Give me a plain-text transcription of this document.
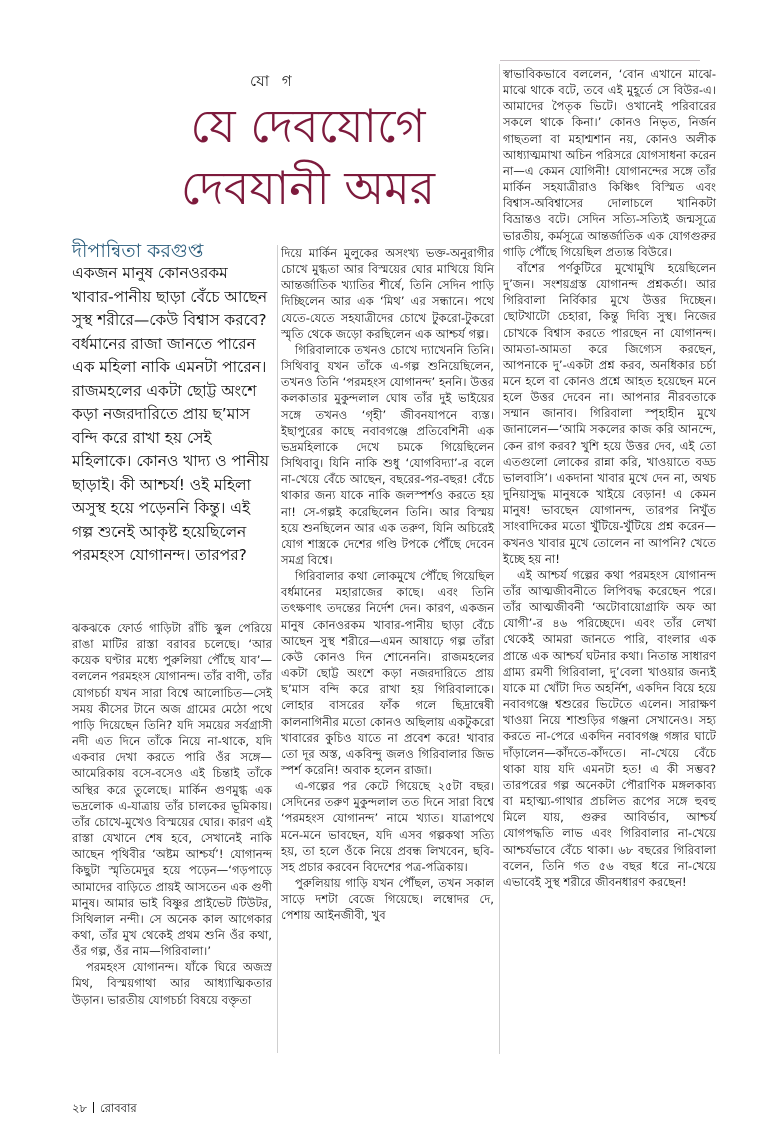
যো গ
যে দেবযোগে
দেবযানী অমর
দীপান্বিতা করগুপ্ত

একজন মানুষ কোনওরকম খাবার-পানীয় ছাড়া বেঁচে আছেন সুস্থ শরীরে—কেউ বিশ্বাস করবে? বর্ধমানের রাজা জানতে পারেন এক মহিলা নাকি এমনটা পারেন। রাজমহলের একটা ছোট্ট অংশে কড়া নজরদারিতে প্রায় ছ’মাস বন্দি করে রাখা হয় সেই মহিলাকে। কোনও খাদ্য ও পানীয় ছাড়াই। কী আশ্চর্য! ওই মহিলা অসুস্থ হয়ে পড়েননি কিন্তু। এই গল্প শুনেই আকৃষ্ট হয়েছিলেন পরমহংস যোগানন্দ। তারপর?

ঝকঝকে ফোর্ড গাড়িটা রাঁচি স্কুল পেরিয়ে রাঙা মাটির রাস্তা বরাবর চলেছে। ‘আর কয়েক ঘণ্টার মধ্যে পুরুলিয়া পৌঁছে যাব’—বললেন পরমহংস যোগানন্দ। তাঁর বাণী, তাঁর যোগচর্চা যখন সারা বিশ্বে আলোচিত—সেই সময় কীসের টানে অজ গ্রামের মেঠো পথে পাড়ি দিয়েছেন তিনি? যদি সময়ের সর্বগ্রাসী নদী এত দিনে তাঁকে নিয়ে না-থাকে, যদি একবার দেখা করতে পারি ওঁর সঙ্গে—আমেরিকায় বসে-বসেও এই চিন্তাই তাঁকে অস্থির করে তুলেছে। মার্কিন গুণমুগ্ধ এক ভদ্রলোক এ-যাত্রায় তাঁর চালকের ভূমিকায়। তাঁর চোখে-মুখেও বিস্ময়ের ঘোর। কারণ এই রাস্তা যেখানে শেষ হবে, সেখানেই নাকি আছেন পৃথিবীর ‘অষ্টম আশ্চর্য’! যোগানন্দ কিছুটা স্মৃতিমেদুর হয়ে পড়েন—‘গড়পাড়ে আমাদের বাড়িতে প্রায়ই আসতেন এক গুণী মানুষ। আমার ভাই বিষ্ণুর প্রাইভেট টিউটর, সিথিলাল নন্দী। সে অনেক কাল আগেকার কথা, তাঁর মুখ থেকেই প্রথম শুনি ওঁর কথা, ওঁর গল্প, ওঁর নাম—গিরিবালা।’

পরমহংস যোগানন্দ। যাঁকে ঘিরে অজস্র মিথ, বিস্ময়গাথা আর আধ্যাত্মিকতার উড়ান। ভারতীয় যোগচর্চা বিষয়ে বক্তৃতা

দিয়ে মার্কিন মুলুকের অসংখ্য ভক্ত-অনুরাগীর চোখে মুগ্ধতা আর বিস্ময়ের ঘোর মাখিয়ে যিনি আন্তর্জাতিক খ্যাতির শীর্ষে, তিনি সেদিন পাড়ি দিচ্ছিলেন আর এক ‘মিথ’ এর সন্ধানে। পথে যেতে-যেতে সহযাত্রীদের চোখে টুকরো-টুকরো স্মৃতি থেকে জড়ো করছিলেন এক আশ্চর্য গল্প।

গিরিবালাকে তখনও চোখে দ্যাখেননি তিনি। সিথিবাবু যখন তাঁকে এ-গল্প শুনিয়েছিলেন, তখনও তিনি ‘পরমহংস যোগানন্দ’ হননি। উত্তর কলকাতার মুকুন্দলাল ঘোষ তাঁর দুই ভাইয়ের সঙ্গে তখনও ‘গৃহী’ জীবনযাপনে ব্যস্ত। ইছাপুরের কাছে নবাবগঞ্জে প্রতিবেশিনী এক ভদ্রমহিলাকে দেখে চমকে গিয়েছিলেন সিথিবাবু। যিনি নাকি শুধু ‘যোগবিদ্যা’-র বলে না-খেয়ে বেঁচে আছেন, বছরের-পর-বছর! বেঁচে থাকার জন্য যাকে নাকি জলস্পর্শও করতে হয় না! সে-গল্পই করেছিলেন তিনি। আর বিস্ময় হয়ে শুনছিলেন আর এক তরুণ, যিনি অচিরেই যোগ শাস্ত্রকে দেশের গণ্ডি টপকে পৌঁছে দেবেন সমগ্র বিশ্বে।

গিরিবালার কথা লোকমুখে পৌঁছে গিয়েছিল বর্ধমানের মহারাজের কাছে। এবং তিনি তৎক্ষণাৎ তদন্তের নির্দেশ দেন। কারণ, একজন মানুষ কোনওরকম খাবার-পানীয় ছাড়া বেঁচে আছেন সুস্থ শরীরে—এমন আষাঢ়ে গল্প তাঁরা কেউ কোনও দিন শোনেননি। রাজমহলের একটা ছোট্ট অংশে কড়া নজরদারিতে প্রায় ছ’মাস বন্দি করে রাখা হয় গিরিবালাকে। লোহার বাসরের ফাঁক গলে ছিদ্রান্বেষী কালনাগিনীর মতো কোনও অছিলায় একটুকরো খাবারের কুচিও যাতে না প্রবেশ করে! খাবার তো দূর অস্ত, একবিন্দু জলও গিরিবালার জিভ স্পর্শ করেনি! অবাক হলেন রাজা।

এ-গল্পের পর কেটে গিয়েছে ২৫টা বছর। সেদিনের তরুণ মুকুন্দলাল তত দিনে সারা বিশ্বে ‘পরমহংস যোগানন্দ’ নামে খ্যাত। যাত্রাপথে মনে-মনে ভাবছেন, যদি এসব গল্পকথা সত্যি হয়, তা হলে ওঁকে নিয়ে প্রবন্ধ লিখবেন, ছবি-সহ প্রচার করবেন বিদেশের পত্র-পত্রিকায়।

পুরুলিয়ায় গাড়ি যখন পৌঁছল, তখন সকাল সাড়ে দশটা বেজে গিয়েছে। লম্বোদর দে, পেশায় আইনজীবী, খুব

স্বাভাবিকভাবে বললেন, ‘বোন এখানে মাঝে-মাঝে থাকে বটে, তবে এই মুহূর্তে সে বিউর-এ। আমাদের পৈতৃক ভিটে। ওখানেই পরিবারের সকলে থাকে কিনা।’ কোনও নিভৃত, নির্জন গাছতলা বা মহাশ্মশান নয়, কোনও অলীক আধ্যাত্মমাখা অচিন পরিসরে যোগসাধনা করেন না—এ কেমন যোগিনী! যোগানন্দের সঙ্গে তাঁর মার্কিন সহযাত্রীরাও কিঞ্চিৎ বিস্মিত এবং বিশ্বাস-অবিশ্বাসের দোলাচলে খানিকটা বিভ্রান্তও বটে। সেদিন সত্যি-সত্যিই জন্মসূত্রে ভারতীয়, কর্মসূত্রে আন্তর্জাতিক এক যোগগুরুর গাড়ি পৌঁছে গিয়েছিল প্রত্যন্ত বিউরে।

বাঁশের পর্ণকুটিরে মুখোমুখি হয়েছিলেন দু’জন। সংশয়গ্রস্ত যোগানন্দ প্রশ্নকর্তা। আর গিরিবালা নির্বিকার মুখে উত্তর দিচ্ছেন। ছোটখাটো চেহারা, কিন্তু দিব্যি সুস্থ। নিজের চোখকে বিশ্বাস করতে পারছেন না যোগানন্দ। আমতা-আমতা করে জিগ্যেস করছেন, আপনাকে দু’-একটা প্রশ্ন করব, অনধিকার চর্চা মনে হলে বা কোনও প্রশ্নে আহত হয়েছেন মনে হলে উত্তর দেবেন না। আপনার নীরবতাকে সম্মান জানাব। গিরিবালা স্পৃহাহীন মুখে জানালেন—‘আমি সকলের কাজ করি আনন্দে, কেন রাগ করব? খুশি হয়ে উত্তর দেব, এই তো এতগুলো লোকের রান্না করি, খাওয়াতে বড্ড ভালবাসি’। একদানা খাবার মুখে দেন না, অথচ দুনিয়াসুদ্ধ মানুষকে খাইয়ে বেড়ান! এ কেমন মানুষ! ভাবছেন যোগানন্দ, তারপর নিখুঁত সাংবাদিকের মতো খুঁটিয়ে-খুঁটিয়ে প্রশ্ন করেন—কখনও খাবার মুখে তোলেন না আপনি? খেতে ইচ্ছে হয় না!

এই আশ্চর্য গল্পের কথা পরমহংস যোগানন্দ তাঁর আত্মজীবনীতে লিপিবদ্ধ করেছেন পরে। তাঁর আত্মজীবনী ‘অটোবায়োগ্রাফি অফ আ যোগী’-র ৪৬ পরিচ্ছেদে। এবং তাঁর লেখা থেকেই আমরা জানতে পারি, বাংলার এক প্রান্তে এক আশ্চর্য ঘটনার কথা। নিতান্ত সাধারণ গ্রাম্য রমণী গিরিবালা, দু’বেলা খাওয়ার জন্যই যাকে মা খোঁটা দিত অহর্নিশ, একদিন বিয়ে হয়ে নবাবগঞ্জে শ্বশুরের ভিটেতে এলেন। সারাক্ষণ খাওয়া নিয়ে শাশুড়ির গঞ্জনা সেখানেও। সহ্য করতে না-পেরে একদিন নবাবগঞ্জ গঙ্গার ঘাটে দাঁড়ালেন—কাঁদতে-কাঁদতে। না-খেয়ে বেঁচে থাকা যায় যদি এমনটা হত! এ কী সম্ভব? তারপরের গল্প অনেকটা পৌরাণিক মঙ্গলকাব্য বা মহাত্ম্য-গাথার প্রচলিত রূপের সঙ্গে হুবহু মিলে যায়, গুরুর আবির্ভাব, আশ্চর্য যোগপদ্ধতি লাভ এবং গিরিবালার না-খেয়ে আশ্চর্যভাবে বেঁচে থাকা। ৬৮ বছরের গিরিবালা বলেন, তিনি গত ৫৬ বছর ধরে না-খেয়ে এভাবেই সুস্থ শরীরে জীবনধারণ করছেন!

২৮ রোববার
